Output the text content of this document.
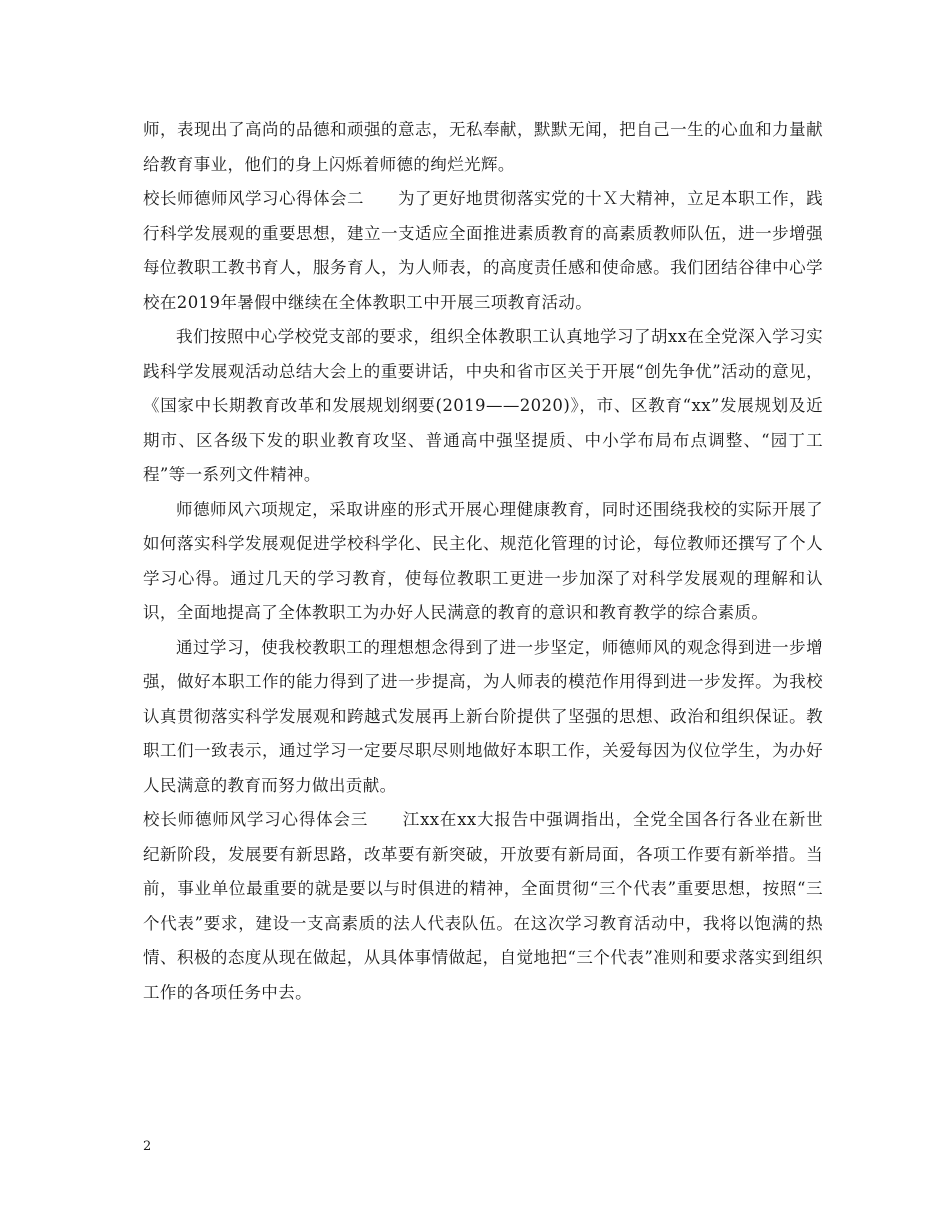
师，表现出了高尚的品德和顽强的意志，无私奉献，默默无闻，把自己一生的心血和力量献给教育事业，他们的身上闪烁着师德的绚烂光辉。

校长师德师风学习心得体会二　　为了更好地贯彻落实党的十Ｘ大精神，立足本职工作，践行科学发展观的重要思想，建立一支适应全面推进素质教育的高素质教师队伍，进一步增强每位教职工教书育人，服务育人，为人师表，的高度责任感和使命感。我们团结谷律中心学校在2019年暑假中继续在全体教职工中开展三项教育活动。

我们按照中心学校党支部的要求，组织全体教职工认真地学习了胡xx在全党深入学习实践科学发展观活动总结大会上的重要讲话，中央和省市区关于开展“创先争优”活动的意见，《国家中长期教育改革和发展规划纲要(2019——2020)》，市、区教育“xx”发展规划及近期市、区各级下发的职业教育攻坚、普通高中强坚提质、中小学布局布点调整、“园丁工程”等一系列文件精神。

师德师风六项规定，采取讲座的形式开展心理健康教育，同时还围绕我校的实际开展了如何落实科学发展观促进学校科学化、民主化、规范化管理的讨论，每位教师还撰写了个人学习心得。通过几天的学习教育，使每位教职工更进一步加深了对科学发展观的理解和认识，全面地提高了全体教职工为办好人民满意的教育的意识和教育教学的综合素质。

通过学习，使我校教职工的理想想念得到了进一步坚定，师德师风的观念得到进一步增强，做好本职工作的能力得到了进一步提高，为人师表的模范作用得到进一步发挥。为我校认真贯彻落实科学发展观和跨越式发展再上新台阶提供了坚强的思想、政治和组织保证。教职工们一致表示，通过学习一定要尽职尽则地做好本职工作，关爱每因为仪位学生，为办好人民满意的教育而努力做出贡献。

校长师德师风学习心得体会三　　江xx在xx大报告中强调指出，全党全国各行各业在新世纪新阶段，发展要有新思路，改革要有新突破，开放要有新局面，各项工作要有新举措。当前，事业单位最重要的就是要以与时俱进的精神，全面贯彻“三个代表”重要思想，按照“三个代表”要求，建设一支高素质的法人代表队伍。在这次学习教育活动中，我将以饱满的热情、积极的态度从现在做起，从具体事情做起，自觉地把“三个代表”准则和要求落实到组织工作的各项任务中去。

2
